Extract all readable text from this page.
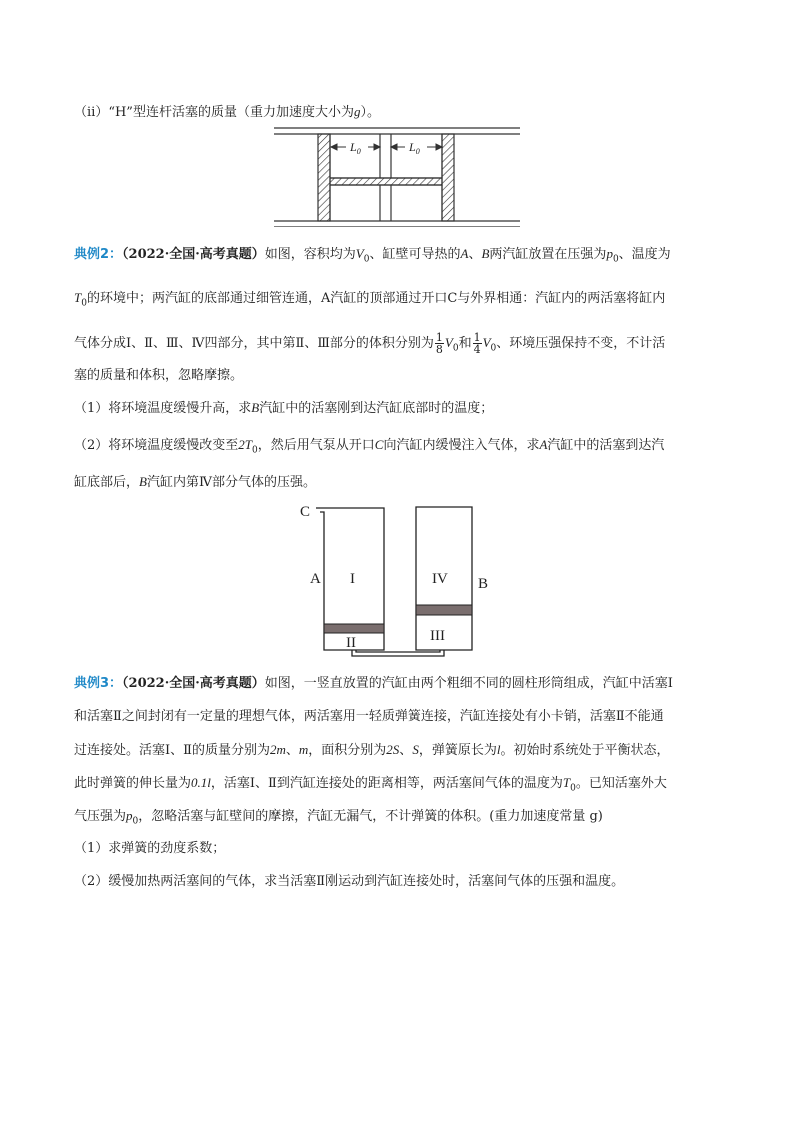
（ⅱ）“H”型连杆活塞的质量（重力加速度大小为g）。
$L_0$	$L_0$
典例2：（2022·全国·高考真题）如图，容积均为$V_0$、缸壁可导热的A、B两汽缸放置在压强为$p_0$、温度为
$T_0$的环境中；两汽缸的底部通过细管连通，A汽缸的顶部通过开口C与外界相通：汽缸内的两活塞将缸内
气体分成Ⅰ、Ⅱ、Ⅲ、Ⅳ四部分，其中第Ⅱ、Ⅲ部分的体积分别为 $\frac{1}{8} V_0$和 $\frac{1}{4} V_0$、环境压强保持不变，不计活
塞的质量和体积，忽略摩擦。
（1）将环境温度缓慢升高，求B汽缸中的活塞刚到达汽缸底部时的温度；
（2）将环境温度缓慢改变至$2T_0$，然后用气泵从开口C向汽缸内缓慢注入气体，求A汽缸中的活塞到达汽
缸底部后，B汽缸内第Ⅳ部分气体的压强。
C
A I
II
IV
III
B
典例3：（2022·全国·高考真题）如图，一竖直放置的汽缸由两个粗细不同的圆柱形筒组成，汽缸中活塞Ⅰ
和活塞Ⅱ之间封闭有一定量的理想气体，两活塞用一轻质弹簧连接，汽缸连接处有小卡销，活塞Ⅱ不能通
过连接处。活塞Ⅰ、Ⅱ的质量分别为2m、m，面积分别为2S、S，弹簧原长为l。初始时系统处于平衡状态，
此时弹簧的伸长量为0.1l，活塞Ⅰ、Ⅱ到汽缸连接处的距离相等，两活塞间气体的温度为$T_0$。已知活塞外大
气压强为$p_0$，忽略活塞与缸壁间的摩擦，汽缸无漏气，不计弹簧的体积。(重力加速度常量 g)
（1）求弹簧的劲度系数；
（2）缓慢加热两活塞间的气体，求当活塞Ⅱ刚运动到汽缸连接处时，活塞间气体的压强和温度。
